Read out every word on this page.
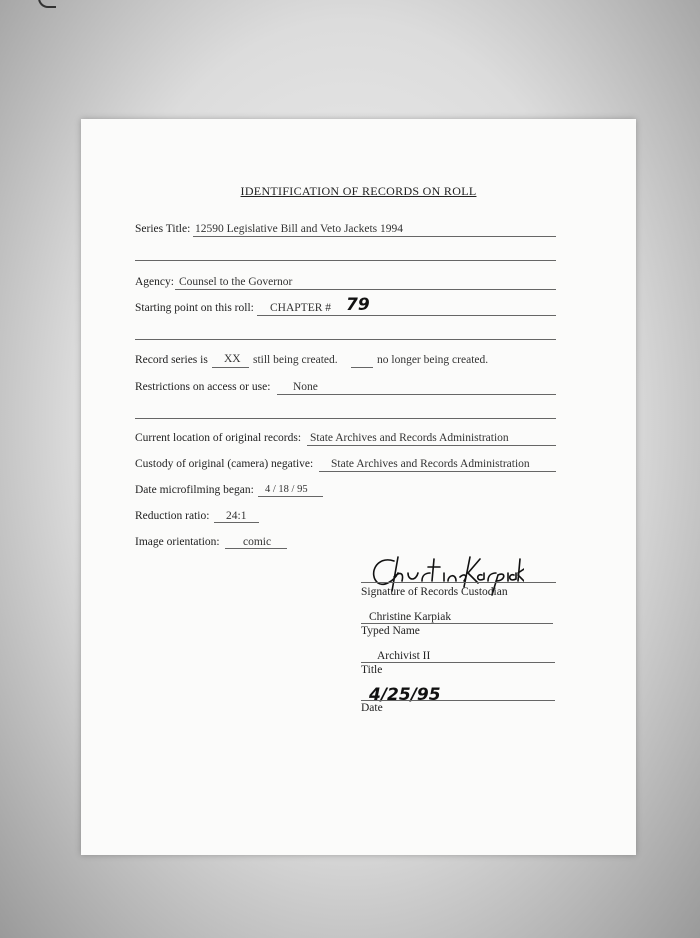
IDENTIFICATION OF RECORDS ON ROLL
Series Title: 12590 Legislative Bill and Veto Jackets 1994
Agency: Counsel to the Governor
Starting point on this roll: CHAPTER # 79
Record series is XX still being created.	no longer being created.
Restrictions on access or use: None
Current location of original records: State Archives and Records Administration
Custody of original (camera) negative: State Archives and Records Administration
Date microfilming began: 4 / 18 / 95
Reduction ratio: 24:1
Image orientation: comic
Signature of Records Custodian
Christine Karpiak
Typed Name
Archivist II
Title
4/25/95
Date
